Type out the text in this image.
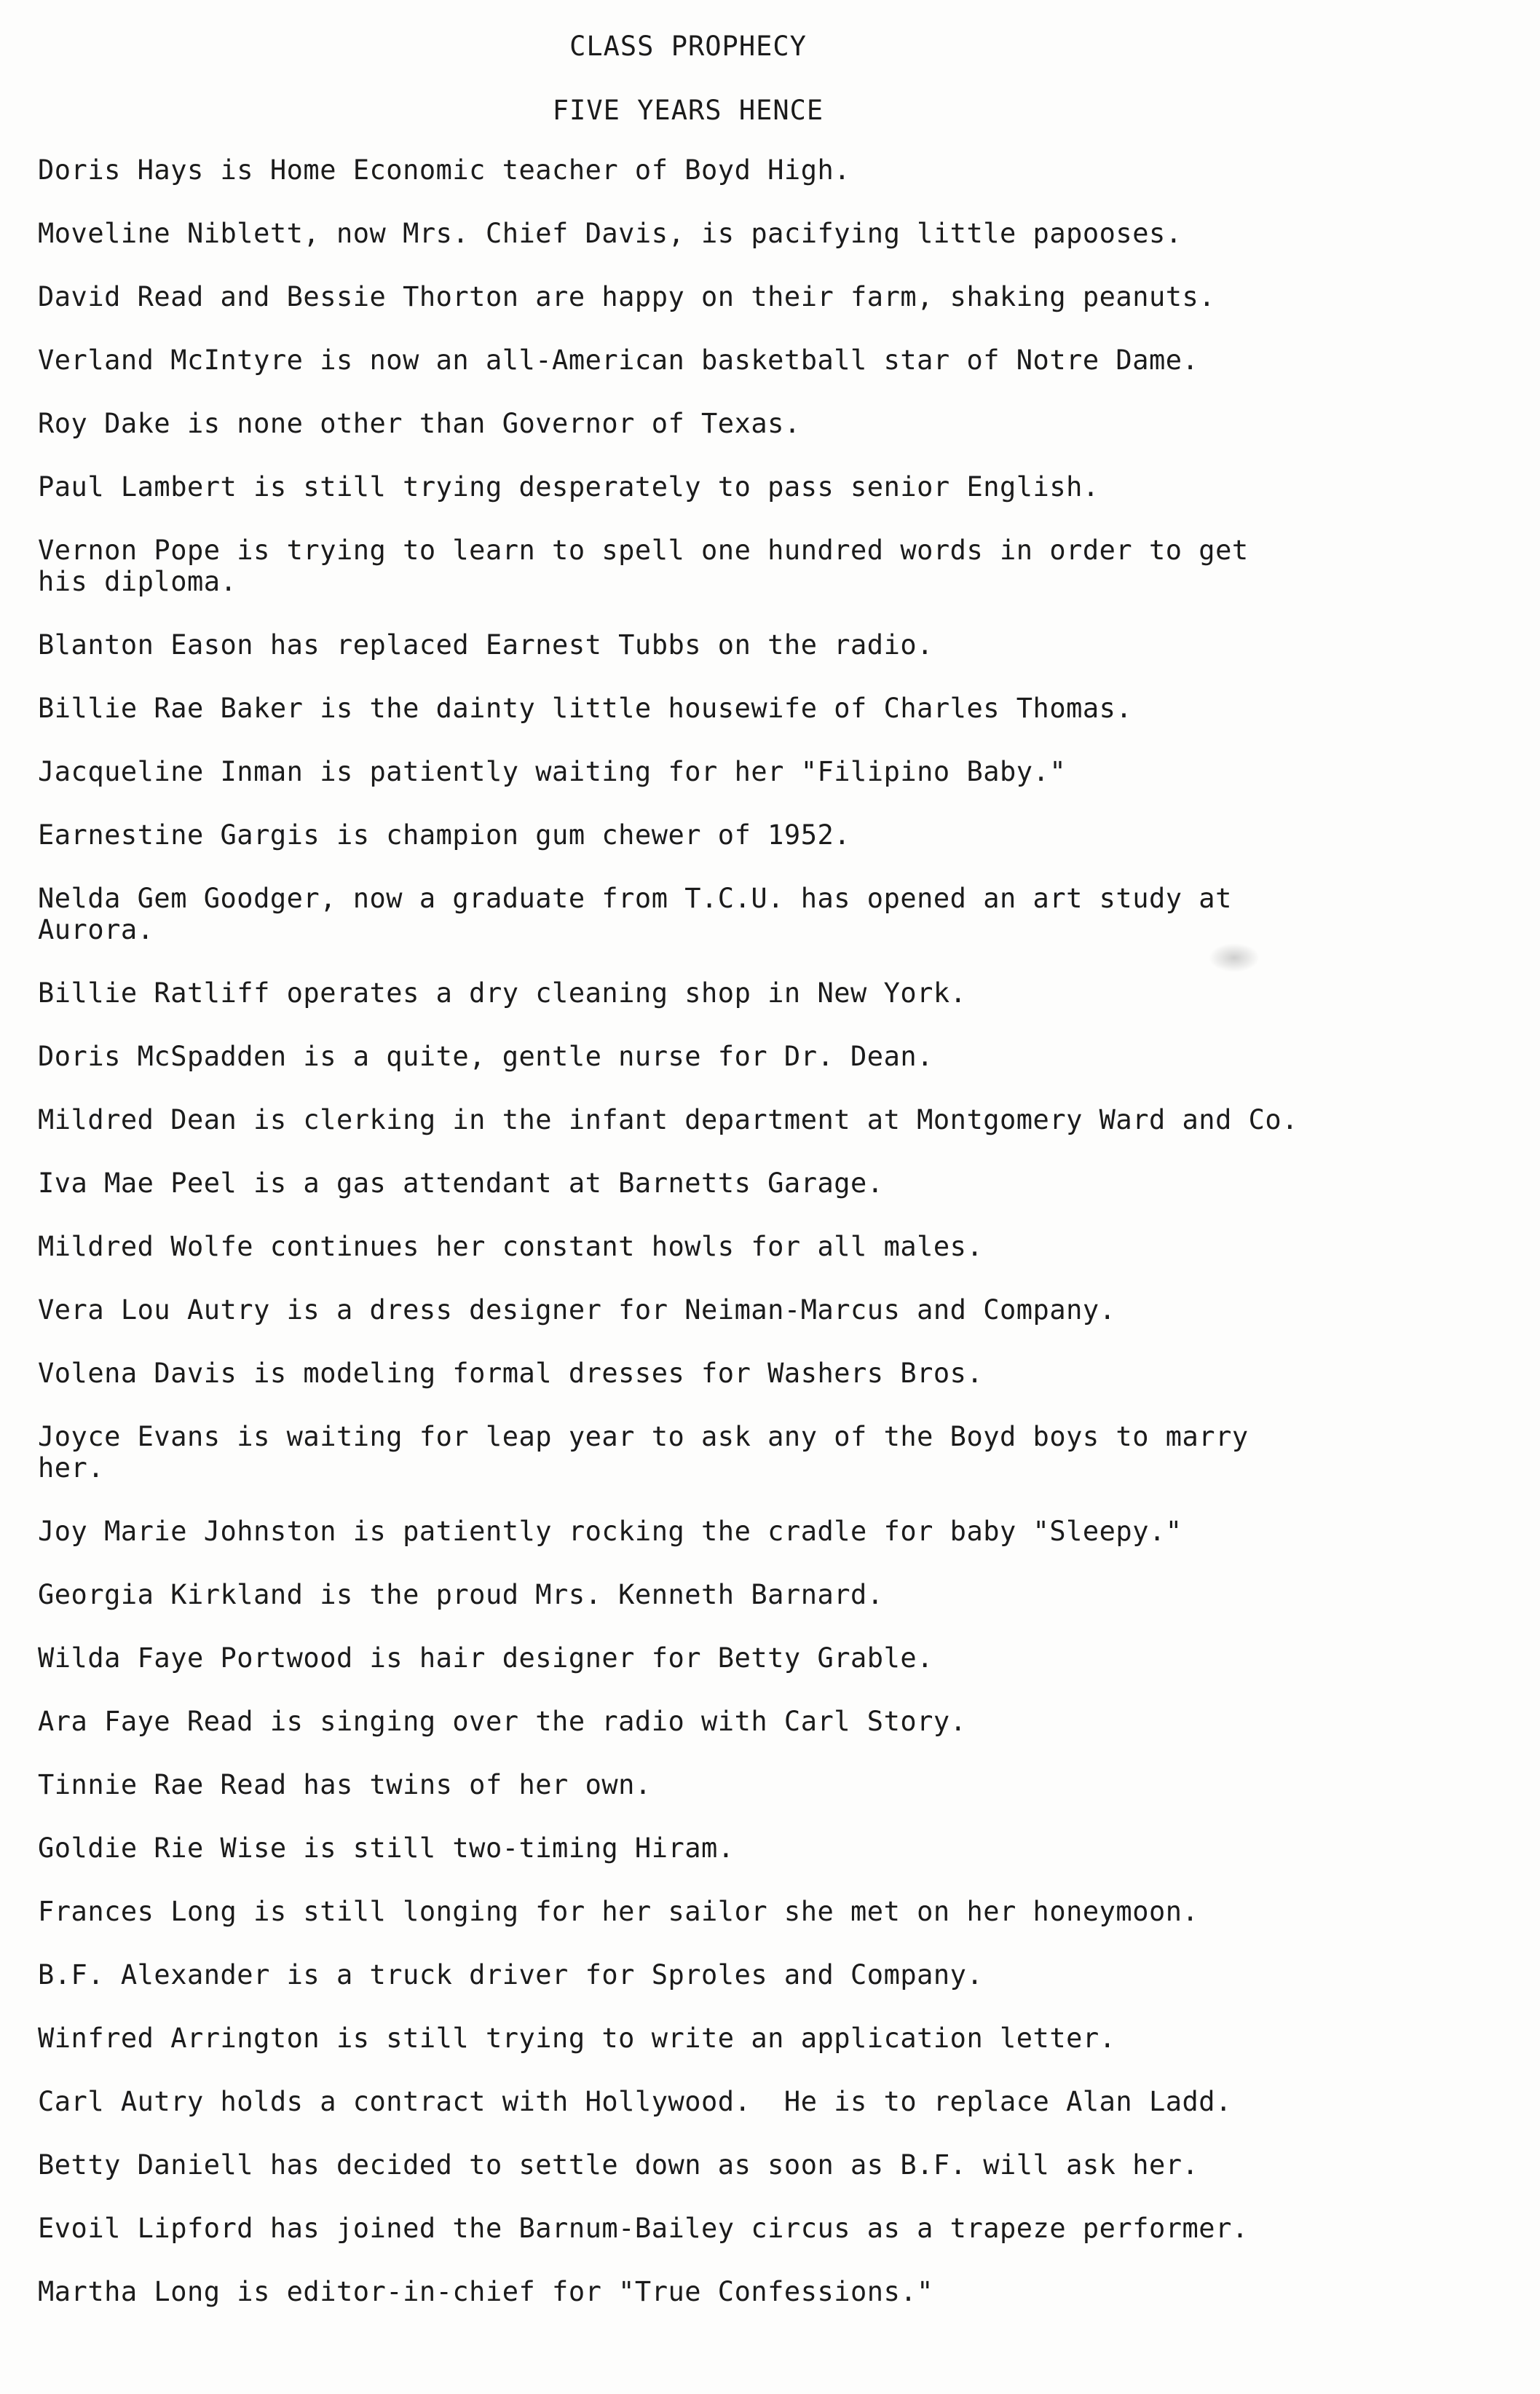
CLASS PROPHECY
FIVE YEARS HENCE
Doris Hays is Home Economic teacher of Boyd High.
Moveline Niblett, now Mrs. Chief Davis, is pacifying little papooses.
David Read and Bessie Thorton are happy on their farm, shaking peanuts.
Verland McIntyre is now an all-American basketball star of Notre Dame.
Roy Dake is none other than Governor of Texas.
Paul Lambert is still trying desperately to pass senior English.
Vernon Pope is trying to learn to spell one hundred words in order to get
his diploma.
Blanton Eason has replaced Earnest Tubbs on the radio.
Billie Rae Baker is the dainty little housewife of Charles Thomas.
Jacqueline Inman is patiently waiting for her "Filipino Baby."
Earnestine Gargis is champion gum chewer of 1952.
Nelda Gem Goodger, now a graduate from T.C.U. has opened an art study at
Aurora.
Billie Ratliff operates a dry cleaning shop in New York.
Doris McSpadden is a quite, gentle nurse for Dr. Dean.
Mildred Dean is clerking in the infant department at Montgomery Ward and Co.
Iva Mae Peel is a gas attendant at Barnetts Garage.
Mildred Wolfe continues her constant howls for all males.
Vera Lou Autry is a dress designer for Neiman-Marcus and Company.
Volena Davis is modeling formal dresses for Washers Bros.
Joyce Evans is waiting for leap year to ask any of the Boyd boys to marry
her.
Joy Marie Johnston is patiently rocking the cradle for baby "Sleepy."
Georgia Kirkland is the proud Mrs. Kenneth Barnard.
Wilda Faye Portwood is hair designer for Betty Grable.
Ara Faye Read is singing over the radio with Carl Story.
Tinnie Rae Read has twins of her own.
Goldie Rie Wise is still two-timing Hiram.
Frances Long is still longing for her sailor she met on her honeymoon.
B.F. Alexander is a truck driver for Sproles and Company.
Winfred Arrington is still trying to write an application letter.
Carl Autry holds a contract with Hollywood.  He is to replace Alan Ladd.
Betty Daniell has decided to settle down as soon as B.F. will ask her.
Evoil Lipford has joined the Barnum-Bailey circus as a trapeze performer.
Martha Long is editor-in-chief for "True Confessions."
